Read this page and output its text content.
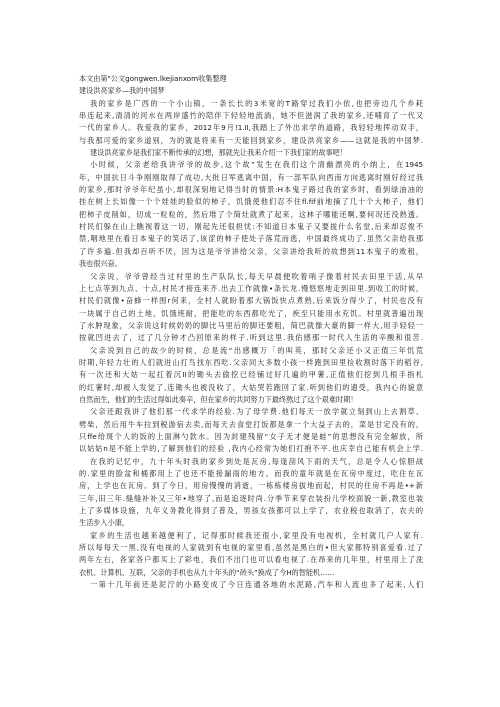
本文由第"公文gongwen.lkejianxom收集整理
建设洪亮家乡—我的中国梦
我的家乡是广西的一个小山镇，一条长长的3米宽的T路穿过我们小依,也把旁边几个乡耗
串连起来,清清的河水在两岸盛竹的陪伴下轻轻地流淌，她不但滋润了我的家乡,还哺育了一代又
一代的家乡人。我爱我的家乡，2012年9月!1.II,我踏上了外出求学的道路，我轻轻地挥动双手，
与我那可爱的家乡道别，为的就是将来有一天能回到家乡，建设洪亮家乡——这就是我的中国梦.
建设洪亮家乡是我们家不断传承的幻想，那就先让我来介绍一下我们家的故事吧！
小时候，父亲老给我讲爷爷的故步,这个故”发生在我们这个清幽漂亮的小纳上，在1945
年，中国抗日斗争刚刚取得了成功,大批日军逃离中国，有一部军队向西南方向逃离时刚好经过我
的家乡,那时爷爷年纪虽小,却很深刻地记得当时的情景:H本鬼子路过我的家乡时，看到绿油油的
挂在树上长如像一个个娃娃的脸似的柿子，饥饿使他们忍不住fl.fif前地摘了几十个大柿子，他们
把柿子皮削如，切成一粒粒的，然后堆了个简灶就煮了起来，这林子哪能还啊,要何况还没熟透。
村民们躲在山上瞧视着这一切，刚起先还很担忧:不知道日本鬼子又要拢什么名堂,后来却忍俊不
禁,咽地里在看日本鬼子的笑话了,该涩的柿子使处子落荒而逃，中国最终成功了.虽然父亲给我那
了许多遍.但我却百听不厌，因为这是爷爷讲给父亲，父亲讲给我听的故想到11本鬼子的败租，
我也很兴奋。
父亲说，爷爷曾经当过村里的生产队队长,每天早晨便吹着哨子像着村民去田里干活,从早
上七点等到九点、十点,村民才接连来齐.出去工作就像•条长龙.慢悠悠地走到田里.到收工的时候，
村民们就像•奋蜂一样围r何来，全村人就盼着那大锅饭快点煮熟,后来饭分得少了，村民也没有
一块属于自己的土地，饥饿班耐，把能吃的东西都吃光了，疾至只能用水充饥。村里就普遍出现
了水肿现象，父亲说这时候奶奶的脚比马里后的脚还要粗，简巴就像大豪的脚一样大,用手轻轻一
按就凹进去了，过了几分钟才凸回原来的样子.听到这里.我佑感那一时代人生活的辛酸和很苦.
父亲说到自己的故少的时候，总是流“出感概万「的叫英，那时父亲还小又正值三年饥荒
时期,年轻力壮的人们就进山打鸟找东西吃.父亲同大多数小孩一样跑到田里捡收割时落下的稻谷,
有一次还和大姑一起扛着沉II的锄头去偷挖已经铺过好几遍的甲薯,正值他们挖到几根手指札
的红薯时,却被人发觉了,连锄头也被没收了，大姑哭若跑回了家.听到他们的遗受，我内心的貌意
自然而生，他们的生活过得如此奏辛，但在家乡的共同努力下最终熬过了这个艰难时期！
父亲还跟我讲了他们那一代求学的经验.为了母学费.他们每天一放学就立刻到山上去割草、
劈柴，然后用牛车拉到税游宿去卖,而每天去食堂打饭都是拿一个大益子去的，菜是甘定没有的，
只ffe给斑个人的饭的上面淋勺款水。因为封建残留“女子无才便是蛙”的思想没有完全解放，所
以姑姑n是不能上学的,了解到他们的经验 ,我内心经常为她们打抱不平.也庆幸自己能有机会上学.
在我的记忆中，九十年头时我的家乡到处是瓦房,每逢刮风下雨的天气，总是令人心惊胆战
的.家里的脸盆和桶都用上了也还不能接漏雨的地方。而我的童年就是在瓦房中度过，吃住在瓦
房，上学也在瓦房。到了今日，用房慢慢的消逝，一栋栋楼房拔地而起，村民的住房不再是•+新
三年,旧三年.缝缝补补又三年•地穿了,而是追逐时尚.分季节来穿衣装扮儿学校面貌一新,教室也装
上了多媒体设施，九年义务教化得到了普及，男孩女孩都可以上学了，农业税也取消了，农夫的
生活步入小康，
家乡的生活也越来越便利了，记得那时候我还很小,家里没有电视机，全村就几户人家有.
所以每每天一黑,没有电视的人家就到有电视的家里看,虽然是黑白的•但大家都特别喜爱看.过了
两年左右，各家各户都买上了彩电，我们不出门也可以看电视了.在昂来的几年里，村里用上了洗
衣机、计算机、互联，父亲的手机也从九十年头的“砖头”换成了今H的智能机……
一第十几年前还是泥泞的小路变成了今日连通各地的水泥路,汽车和人流也多了起来,人们
